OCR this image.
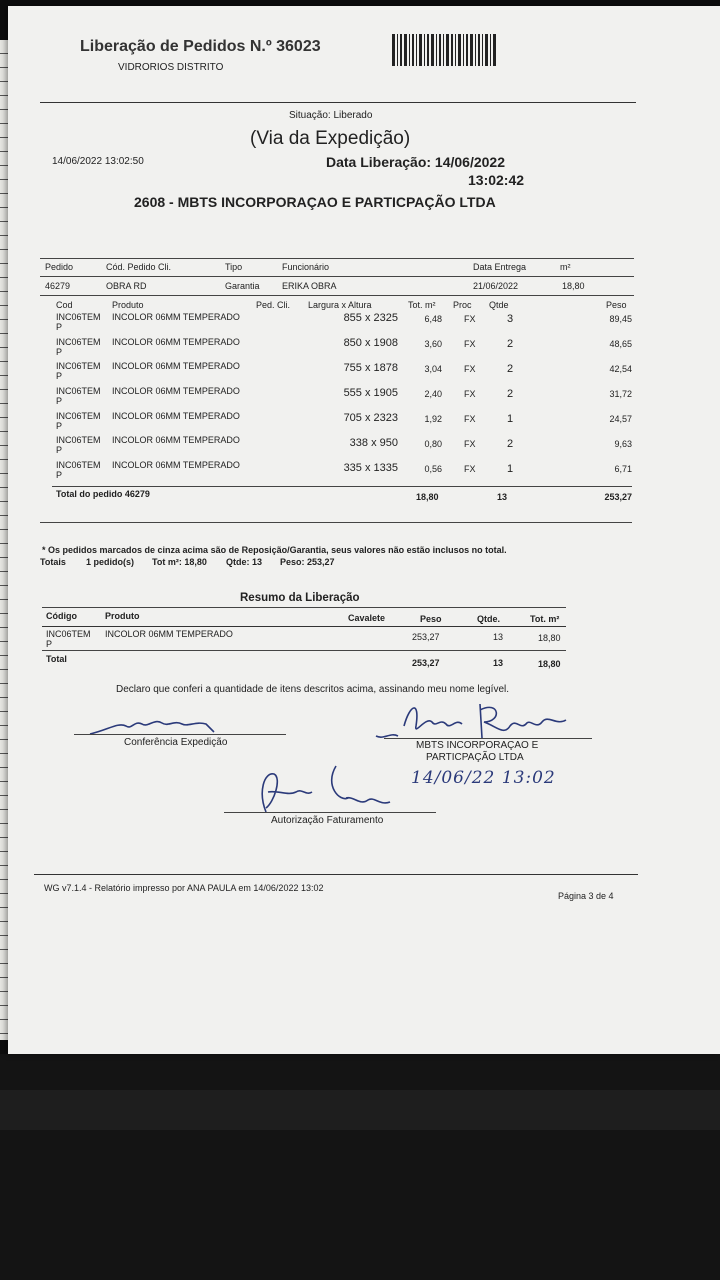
Liberação de Pedidos N.º 36023
VIDRORIOS DISTRITO
Situação: Liberado
(Via da Expedição)
14/06/2022 13:02:50	Data Liberação: 14/06/2022
13:02:42
2608 - MBTS INCORPORAÇAO E PARTICPAÇÃO LTDA
Pedido	Cód. Pedido Cli.	Tipo	Funcionário	Data Entrega	m²
46279	OBRA RD	Garantia ERIKA OBRA	21/06/2022	18,80
Cod	Produto	Ped. Cli. Largura x Altura	Tot. m² Proc Qtde	Peso
INC06TEM
P
INCOLOR 06MM TEMPERADO	855 x 2325	6,48 FX	3	89,45
INC06TEM
P
INCOLOR 06MM TEMPERADO	850 x 1908	3,60 FX	2	48,65
INC06TEM
P
INCOLOR 06MM TEMPERADO	755 x 1878	3,04 FX	2	42,54
INC06TEM
P
INCOLOR 06MM TEMPERADO	555 x 1905	2,40 FX	2	31,72
INC06TEM
P
INCOLOR 06MM TEMPERADO	705 x 2323	1,92 FX	1	24,57
INC06TEM
P
INCOLOR 06MM TEMPERADO	338 x 950	0,80 FX	2	9,63
INC06TEM
P
INCOLOR 06MM TEMPERADO	335 x 1335	0,56 FX	1	6,71
Total do pedido 46279	18,80	13	253,27
* Os pedidos marcados de cinza acima são de Reposição/Garantia, seus valores não estão inclusos no total.
Totais 1 pedido(s) Tot m²: 18,80 Qtde: 13 Peso: 253,27
Resumo da Liberação
Código	Produto	Cavalete	Peso	Qtde.	Tot. m²
INC06TEM
P
INCOLOR 06MM TEMPERADO	253,27	13	18,80
Total	253,27	13	18,80
Declaro que conferi a quantidade de itens descritos acima, assinando meu nome legível.
Conferência Expedição	MBTS INCORPORAÇAO E
PARTICPAÇÃO LTDA
14/06/22 13:02
Autorização Faturamento
WG v7.1.4 - Relatório impresso por ANA PAULA em 14/06/2022 13:02
Página 3 de 4
